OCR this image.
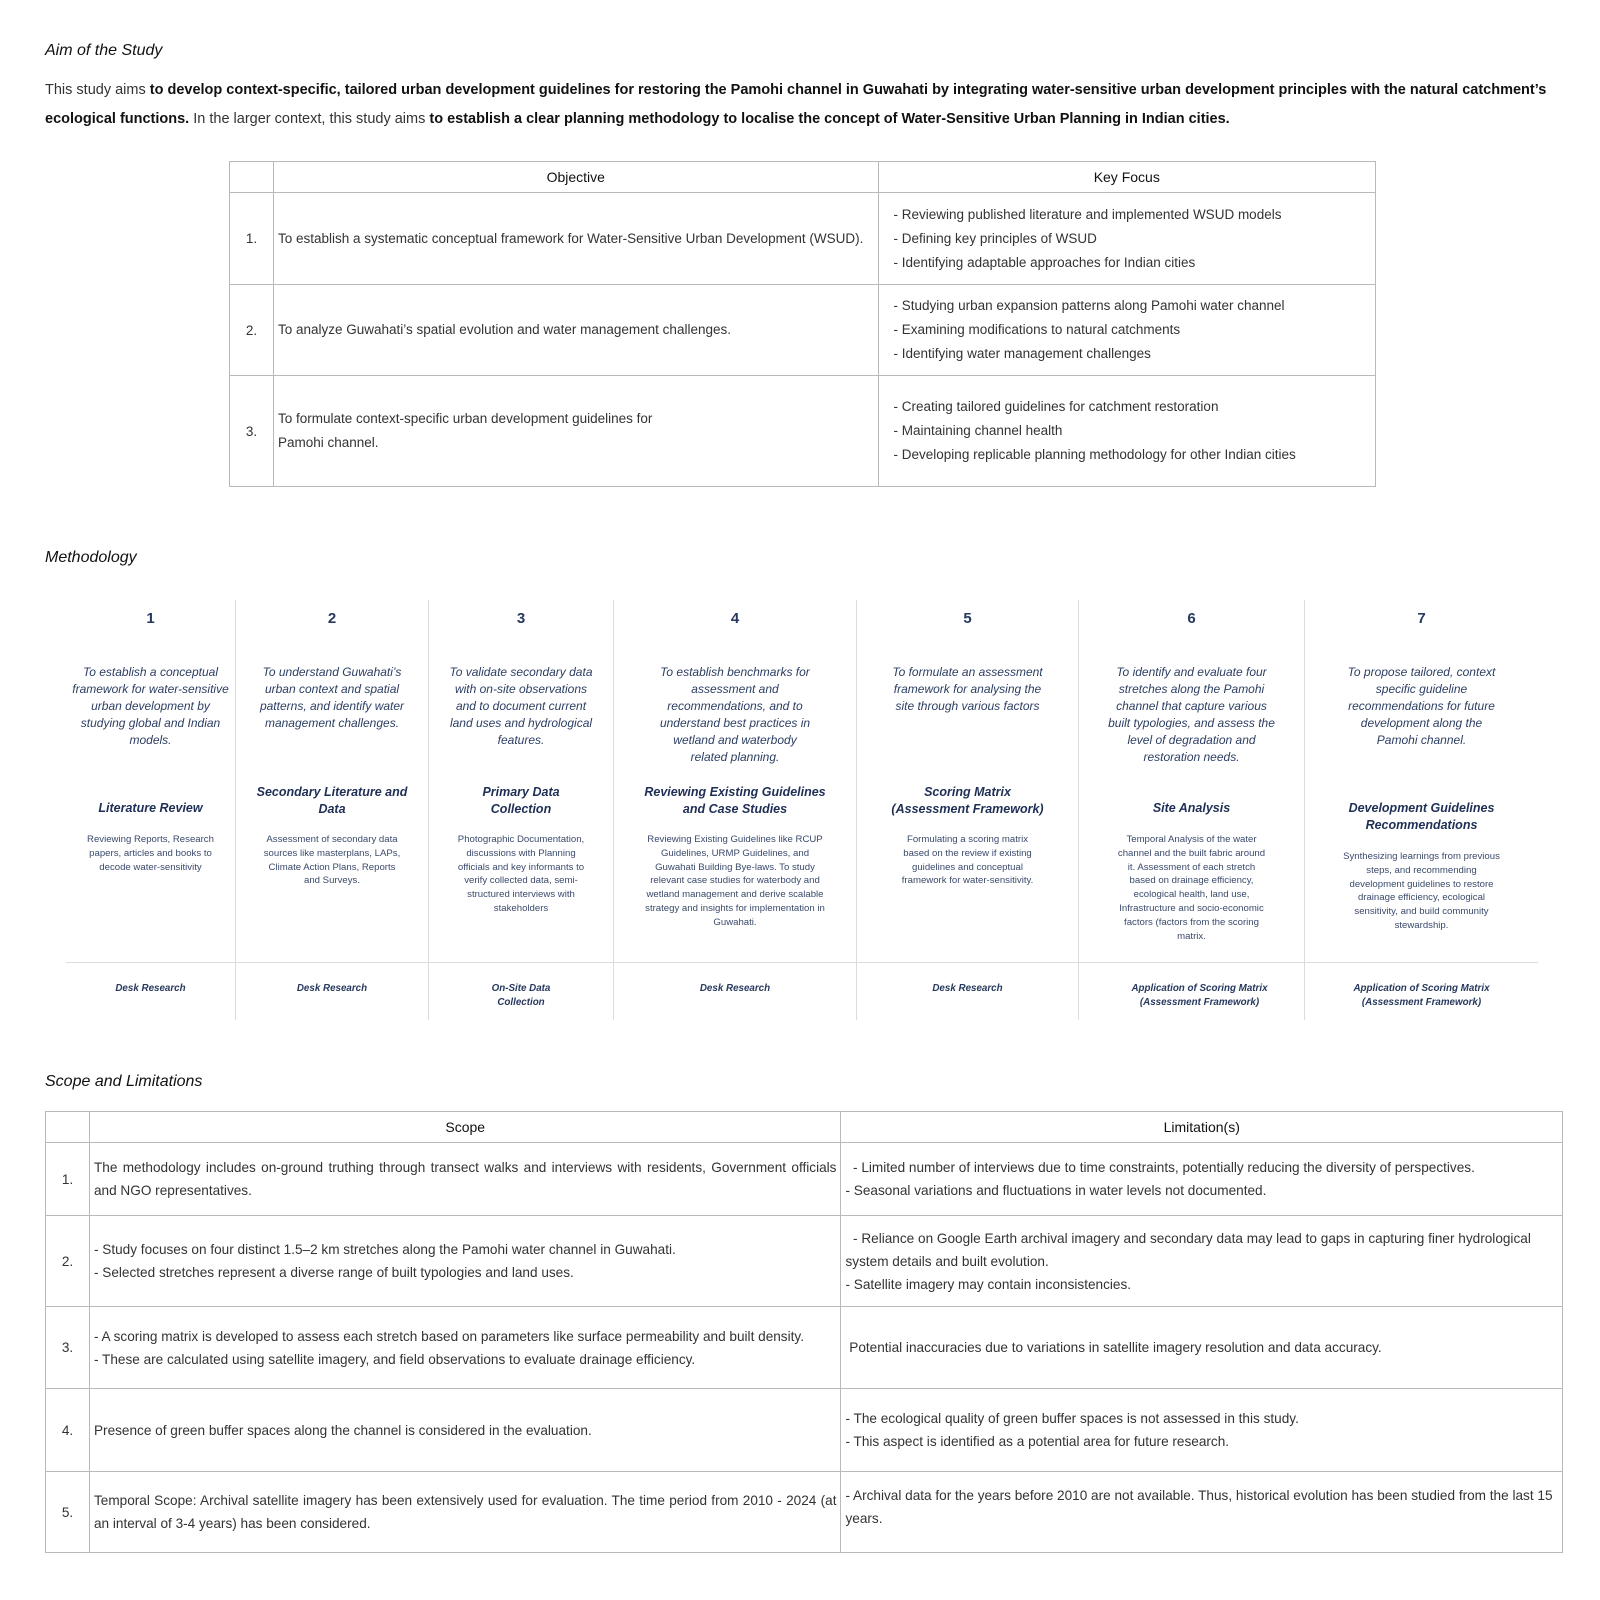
Aim of the Study
This study aims to develop context-specific, tailored urban development guidelines for restoring the Pamohi channel in Guwahati by integrating water-sensitive urban development principles with the natural catchment’s ecological functions. In the larger context, this study aims to establish a clear planning methodology to localise the concept of Water-Sensitive Urban Planning in Indian cities.
	Objective	Key Focus
1.	To establish a systematic conceptual framework for Water-Sensitive Urban Development (WSUD).	- Reviewing published literature and implemented WSUD models
- Defining key principles of WSUD
- Identifying adaptable approaches for Indian cities

2.	To analyze Guwahati’s spatial evolution and water management challenges.	- Studying urban expansion patterns along Pamohi water channel
- Examining modifications to natural catchments
- Identifying water management challenges

3.	To formulate context-specific urban development guidelines for Pamohi channel.	- Creating tailored guidelines for catchment restoration
- Maintaining channel health
- Developing replicable planning methodology for other Indian cities
Methodology
1
To establish a conceptual framework for water-sensitive urban development by studying global and Indian models.
Literature Review
Reviewing Reports, Research papers, articles and books to decode water-sensitivity
Desk Research
2
To understand Guwahati’s urban context and spatial patterns, and identify water management challenges.
Secondary Literature and Data
Assessment of secondary data sources like masterplans, LAPs, Climate Action Plans, Reports and Surveys.
Desk Research
3
To validate secondary data with on-site observations and to document current land uses and hydrological features.
Primary Data Collection
Photographic Documentation, discussions with Planning officials and key informants to verify collected data, semi-structured interviews with stakeholders
On-Site Data Collection
4
To establish benchmarks for assessment and recommendations, and to understand best practices in wetland and waterbody related planning.
Reviewing Existing Guidelines and Case Studies
Reviewing Existing Guidelines like RCUP Guidelines, URMP Guidelines, and Guwahati Building Bye-laws. To study relevant case studies for waterbody and wetland management and derive scalable strategy and insights for implementation in Guwahati.
Desk Research
5
To formulate an assessment framework for analysing the site through various factors
Scoring Matrix (Assessment Framework)
Formulating a scoring matrix based on the review if existing guidelines and conceptual framework for water-sensitivity.
Desk Research
6
To identify and evaluate four stretches along the Pamohi channel that capture various built typologies, and assess the level of degradation and restoration needs.
Site Analysis
Temporal Analysis of the water channel and the built fabric around it. Assessment of each stretch based on drainage efficiency, ecological health, land use, Infrastructure and socio-economic factors (factors from the scoring matrix.
Application of Scoring Matrix (Assessment Framework)
7
To propose tailored, context specific guideline recommendations for future development along the Pamohi channel.
Development Guidelines Recommendations
Synthesizing learnings from previous steps, and recommending development guidelines to restore drainage efficiency, ecological sensitivity, and build community stewardship.
Application of Scoring Matrix (Assessment Framework)
Scope and Limitations
	Scope	Limitation(s)
1.	The methodology includes on-ground truthing through transect walks and interviews with residents, Government officials and NGO representatives.	- Limited number of interviews due to time constraints, potentially reducing the diversity of perspectives.
- Seasonal variations and fluctuations in water levels not documented.

2.	- Study focuses on four distinct 1.5–2 km stretches along the Pamohi water channel in Guwahati.
- Selected stretches represent a diverse range of built typologies and land uses.	- Reliance on Google Earth archival imagery and secondary data may lead to gaps in capturing finer hydrological system details and built evolution.
- Satellite imagery may contain inconsistencies.

3.	- A scoring matrix is developed to assess each stretch based on parameters like surface permeability and built density.
- These are calculated using satellite imagery, and field observations to evaluate drainage efficiency.	Potential inaccuracies due to variations in satellite imagery resolution and data accuracy.

4.	Presence of green buffer spaces along the channel is considered in the evaluation.	- The ecological quality of green buffer spaces is not assessed in this study.
- This aspect is identified as a potential area for future research.

5.	Temporal Scope: Archival satellite imagery has been extensively used for evaluation. The time period from 2010 - 2024 (at an interval of 3-4 years) has been considered.	- Archival data for the years before 2010 are not available. Thus, historical evolution has been studied from the last 15 years.
